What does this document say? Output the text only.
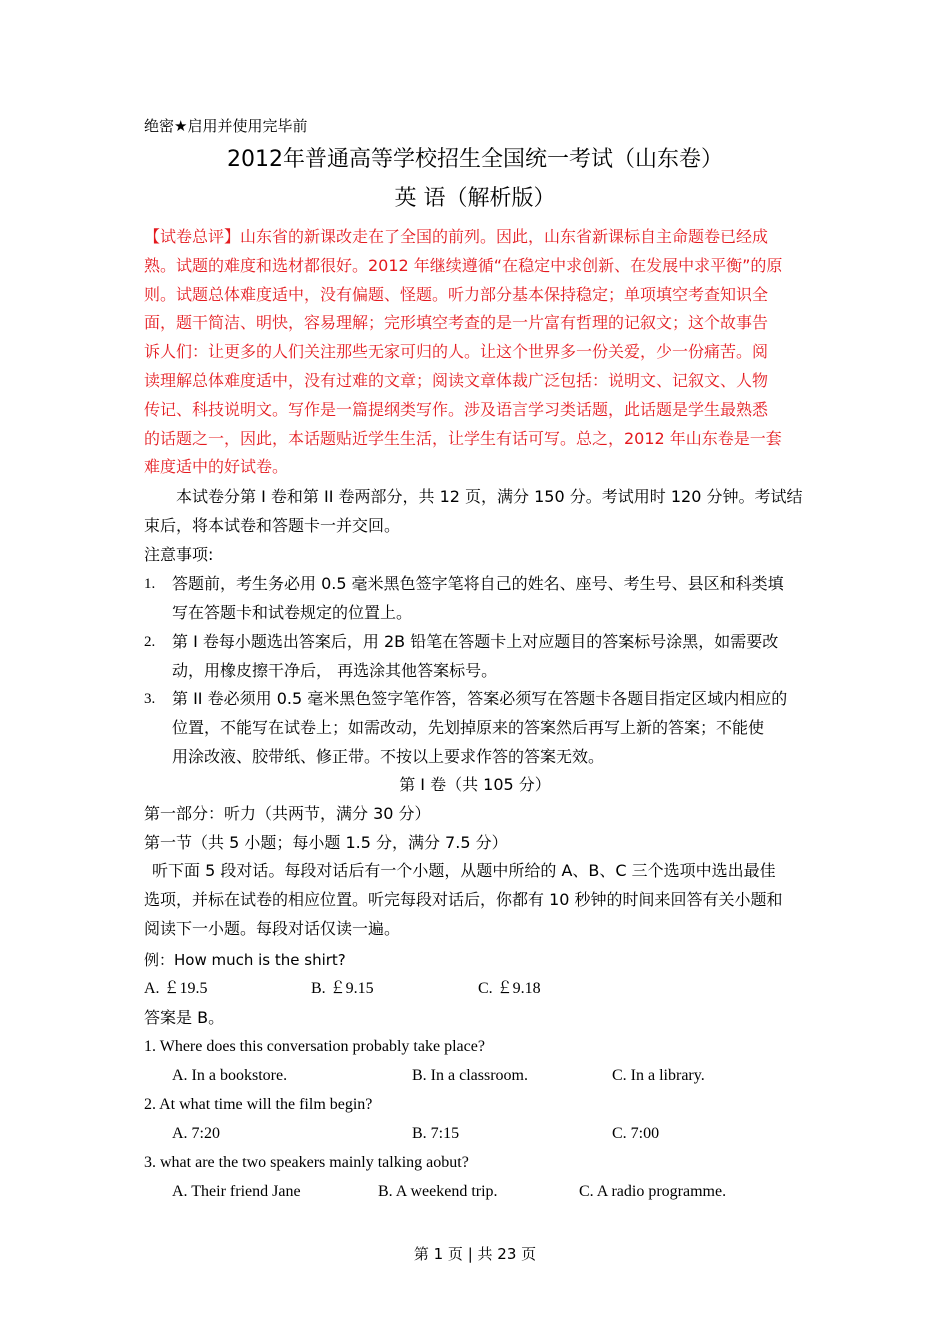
绝密★启用并使用完毕前
2012年普通高等学校招生全国统一考试（山东卷）
英 语（解析版）
【试卷总评】山东省的新课改走在了全国的前列。因此，山东省新课标自主命题卷已经成
熟。试题的难度和选材都很好。2012 年继续遵循“在稳定中求创新、在发展中求平衡”的原
则。试题总体难度适中，没有偏题、怪题。听力部分基本保持稳定；单项填空考查知识全
面，题干简洁、明快，容易理解；完形填空考查的是一片富有哲理的记叙文；这个故事告
诉人们：让更多的人们关注那些无家可归的人。让这个世界多一份关爱，少一份痛苦。阅
读理解总体难度适中，没有过难的文章；阅读文章体裁广泛包括：说明文、记叙文、人物
传记、科技说明文。写作是一篇提纲类写作。涉及语言学习类话题，此话题是学生最熟悉
的话题之一，因此，本话题贴近学生生活，让学生有话可写。总之，2012 年山东卷是一套
难度适中的好试卷。
本试卷分第 I 卷和第 II 卷两部分，共 12 页，满分 150 分。考试用时 120 分钟。考试结
束后，将本试卷和答题卡一并交回。
注意事项:
1. 答题前，考生务必用 0.5 毫米黑色签字笔将自己的姓名、座号、考生号、县区和科类填
写在答题卡和试卷规定的位置上。
2. 第 I 卷每小题选出答案后，用 2B 铅笔在答题卡上对应题目的答案标号涂黑，如需要改
动，用橡皮擦干净后， 再选涂其他答案标号。
3. 第 II 卷必须用 0.5 毫米黑色签字笔作答，答案必须写在答题卡各题目指定区域内相应的
位置，不能写在试卷上；如需改动，先划掉原来的答案然后再写上新的答案；不能使
用涂改液、胶带纸、修正带。不按以上要求作答的答案无效。
第 I 卷（共 105 分）
第一部分：听力（共两节，满分 30 分）
第一节（共 5 小题；每小题 1.5 分，满分 7.5 分）
听下面 5 段对话。每段对话后有一个小题，从题中所给的 A、B、C 三个选项中选出最佳
选项，并标在试卷的相应位置。听完每段对话后，你都有 10 秒钟的时间来回答有关小题和
阅读下一小题。每段对话仅读一遍。
例：How much is the shirt?
A. ￡19.5	B. ￡9.15	C. ￡9.18
答案是 B。
1. Where does this conversation probably take place?
A. In a bookstore.	B. In a classroom.	C. In a library.
2. At what time will the film begin?
A. 7:20	B. 7:15	C. 7:00
3. what are the two speakers mainly talking aobut?
A. Their friend Jane	B. A weekend trip.	C. A radio programme.
第 1 页 | 共 23 页
